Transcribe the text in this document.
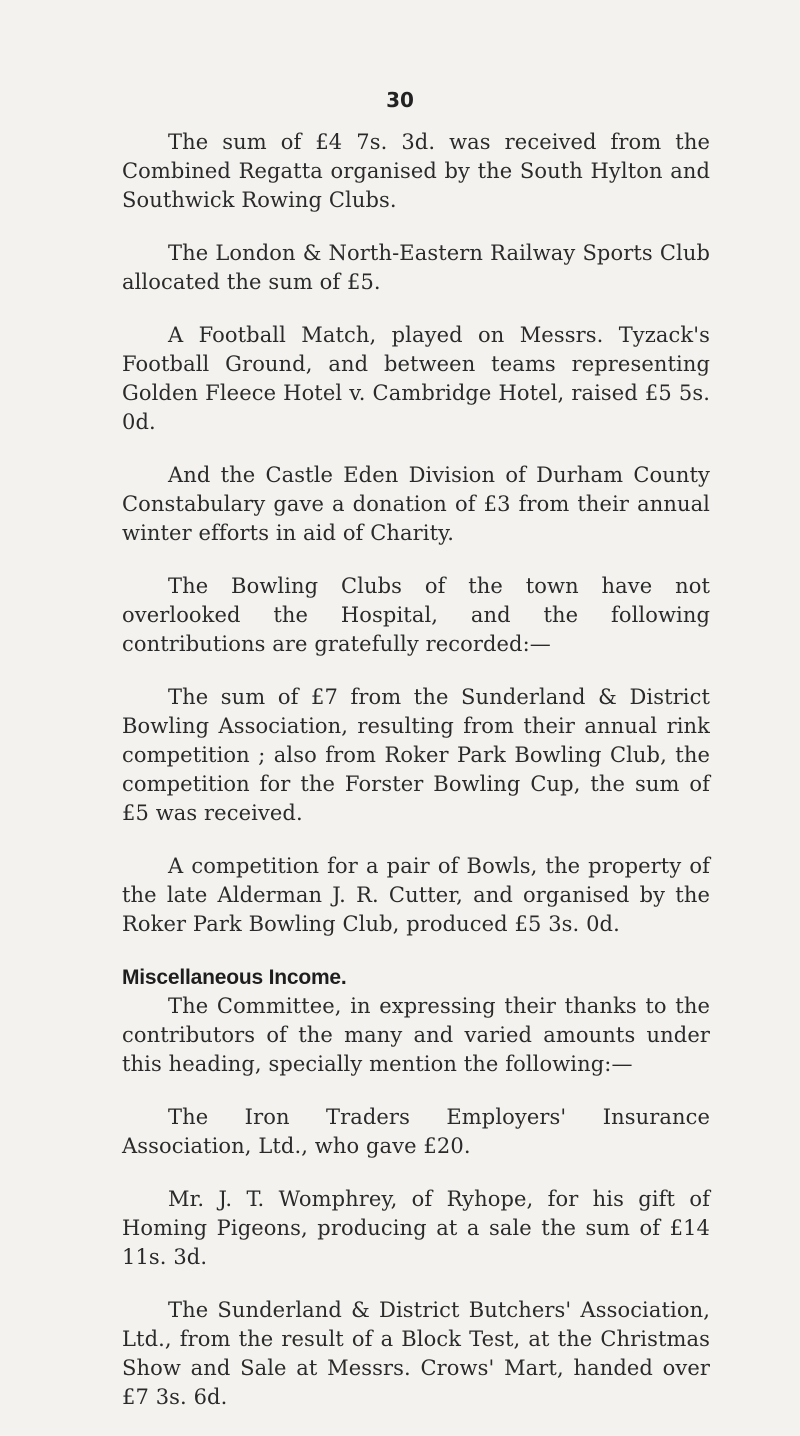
30

The sum of £4 7s. 3d. was received from the Combined Regatta organised by the South Hylton and Southwick Rowing Clubs.

The London & North-Eastern Railway Sports Club allocated the sum of £5.

A Football Match, played on Messrs. Tyzack's Football Ground, and between teams representing Golden Fleece Hotel v. Cambridge Hotel, raised £5 5s. 0d.

And the Castle Eden Division of Durham County Constabulary gave a donation of £3 from their annual winter efforts in aid of Charity.

The Bowling Clubs of the town have not overlooked the Hospital, and the following contributions are gratefully recorded:—

The sum of £7 from the Sunderland & District Bowling Association, resulting from their annual rink competition ; also from Roker Park Bowling Club, the competition for the Forster Bowling Cup, the sum of £5 was received.

A competition for a pair of Bowls, the property of the late Alderman J. R. Cutter, and organised by the Roker Park Bowling Club, produced £5 3s. 0d.

Miscellaneous Income.

The Committee, in expressing their thanks to the contributors of the many and varied amounts under this heading, specially mention the following:—

The Iron Traders Employers' Insurance Association, Ltd., who gave £20.

Mr. J. T. Womphrey, of Ryhope, for his gift of Homing Pigeons, producing at a sale the sum of £14 11s. 3d.

The Sunderland & District Butchers' Association, Ltd., from the result of a Block Test, at the Christmas Show and Sale at Messrs. Crows' Mart, handed over £7 3s. 6d.
